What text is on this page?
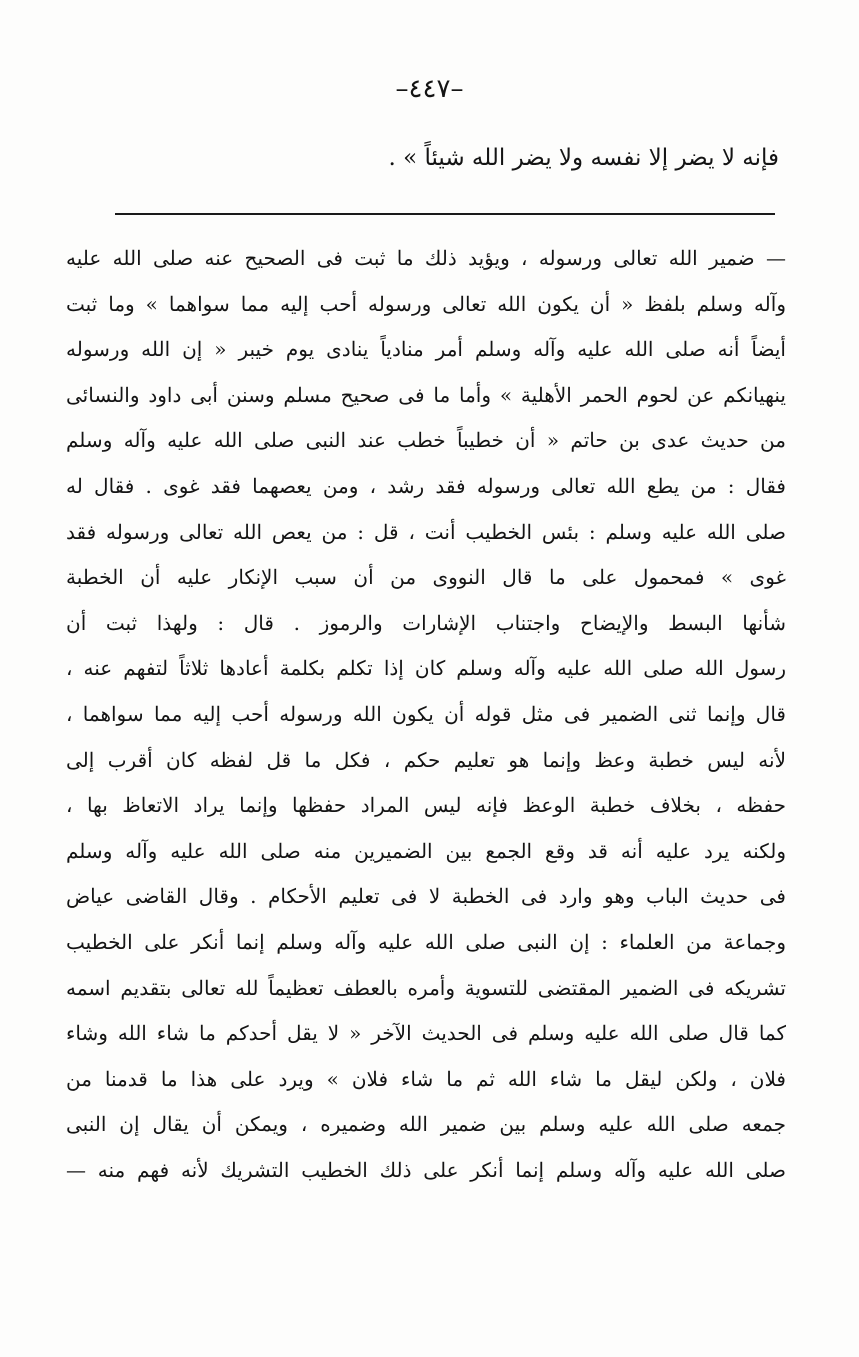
–٤٤٧–
فإنه لا يضر إلا نفسه ولا يضر الله شيئاً » .
— ضمير الله تعالى ورسوله ، ويؤيد ذلك ما ثبت فى الصحيح عنه صلى الله عليه
وآله وسلم بلفظ « أن يكون الله تعالى ورسوله أحب إليه مما سواهما » وما ثبت
أيضاً أنه صلى الله عليه وآله وسلم أمر منادياً ينادى يوم خيبر « إن الله ورسوله
ينهيانكم عن لحوم الحمر الأهلية » وأما ما فى صحيح مسلم وسنن أبى داود والنسائى
من حديث عدى بن حاتم « أن خطيباً خطب عند النبى صلى الله عليه وآله وسلم
فقال : من يطع الله تعالى ورسوله فقد رشد ، ومن يعصهما فقد غوى . فقال له
صلى الله عليه وسلم : بئس الخطيب أنت ، قل : من يعص الله تعالى ورسوله فقد
غوى » فمحمول على ما قال النووى من أن سبب الإنكار عليه أن الخطبة
شأنها البسط والإيضاح واجتناب الإشارات والرموز . قال : ولهذا ثبت أن
رسول الله صلى الله عليه وآله وسلم كان إذا تكلم بكلمة أعادها ثلاثاً لتفهم عنه ،
قال وإنما ثنى الضمير فى مثل قوله أن يكون الله ورسوله أحب إليه مما سواهما ،
لأنه ليس خطبة وعظ وإنما هو تعليم حكم ، فكل ما قل لفظه كان أقرب إلى
حفظه ، بخلاف خطبة الوعظ فإنه ليس المراد حفظها وإنما يراد الاتعاظ بها ،
ولكنه يرد عليه أنه قد وقع الجمع بين الضميرين منه صلى الله عليه وآله وسلم
فى حديث الباب وهو وارد فى الخطبة لا فى تعليم الأحكام . وقال القاضى عياض
وجماعة من العلماء : إن النبى صلى الله عليه وآله وسلم إنما أنكر على الخطيب
تشريكه فى الضمير المقتضى للتسوية وأمره بالعطف تعظيماً لله تعالى بتقديم اسمه
كما قال صلى الله عليه وسلم فى الحديث الآخر « لا يقل أحدكم ما شاء الله وشاء
فلان ، ولكن ليقل ما شاء الله ثم ما شاء فلان » ويرد على هذا ما قدمنا من
جمعه صلى الله عليه وسلم بين ضمير الله وضميره ، ويمكن أن يقال إن النبى
صلى الله عليه وآله وسلم إنما أنكر على ذلك الخطيب التشريك لأنه فهم منه —
